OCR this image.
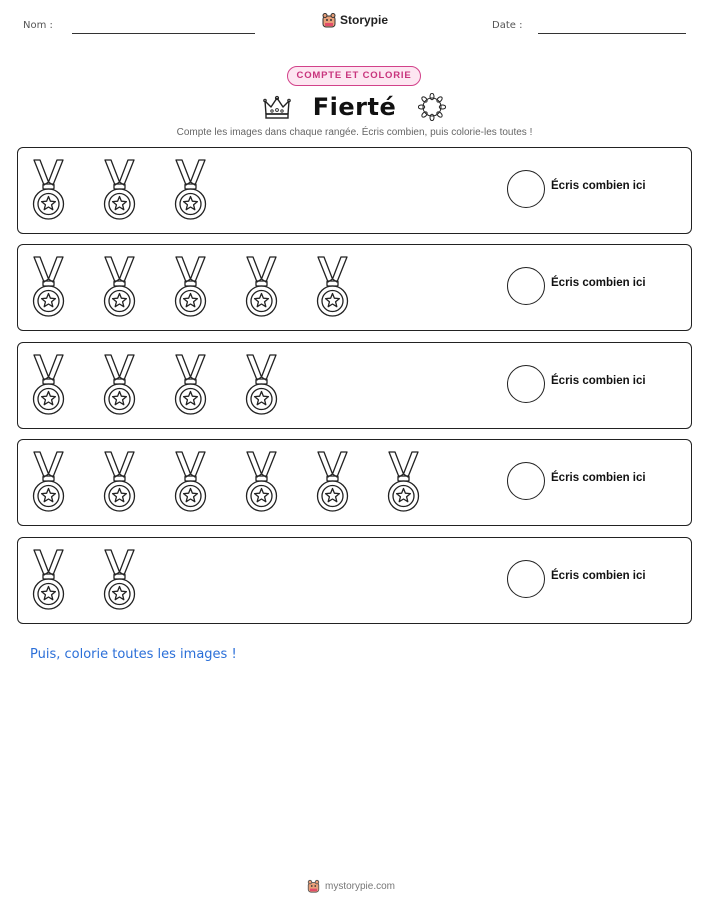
Nom :	Storypie	Date :
COMPTE ET COLORIE
Fierté
Compte les images dans chaque rangée. Écris combien, puis colorie-les toutes !
Écris combien ici
Écris combien ici
Écris combien ici
Écris combien ici
Écris combien ici
Puis, colorie toutes les images !
mystorypie.com
